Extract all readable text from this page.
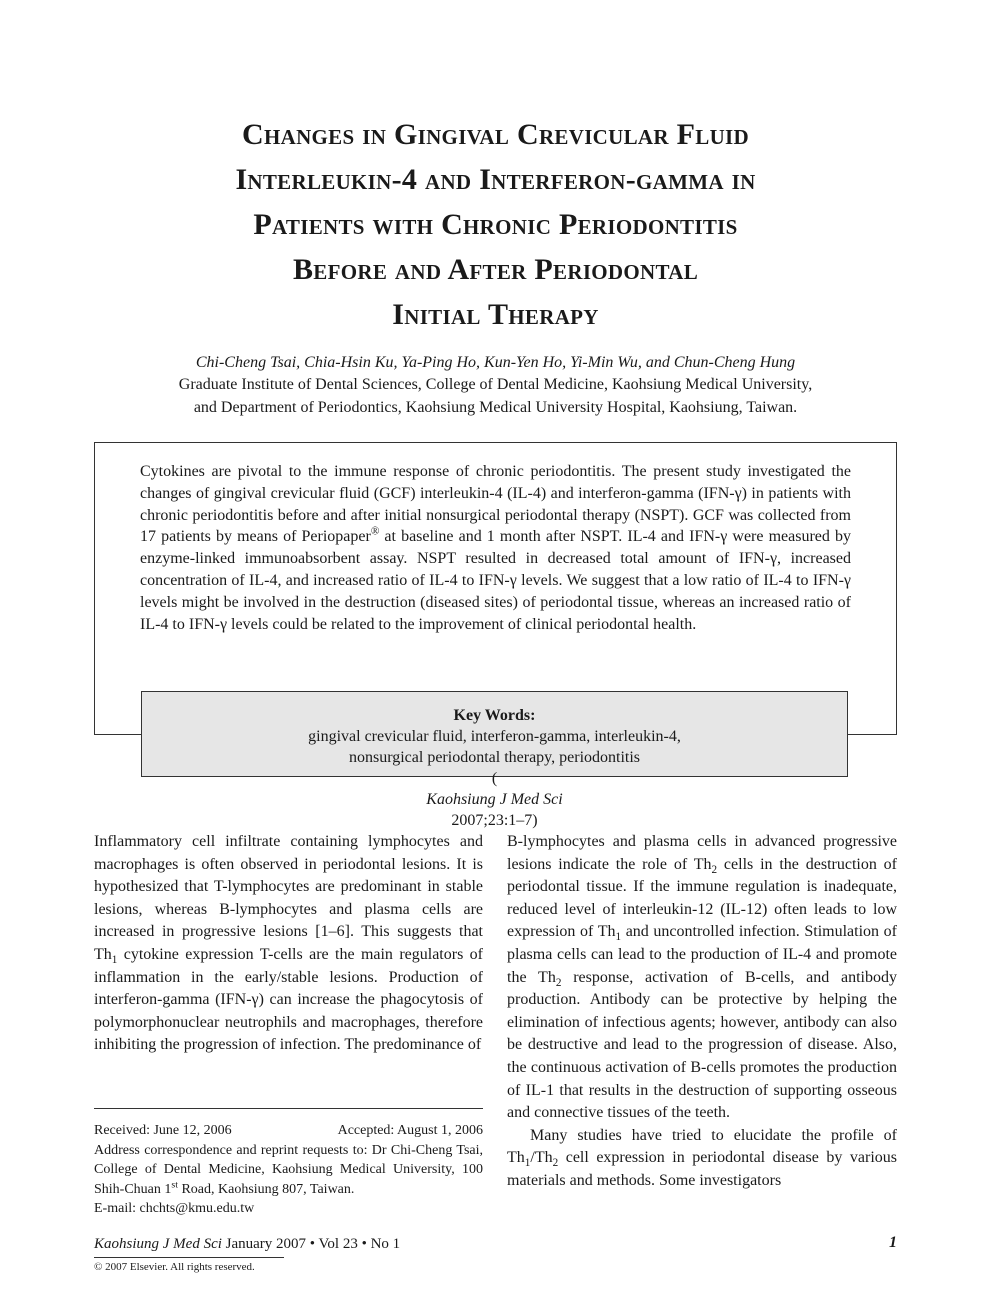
Changes in Gingival Crevicular Fluid
Interleukin-4 and Interferon-gamma in
Patients with Chronic Periodontitis
Before and After Periodontal
Initial Therapy
Chi-Cheng Tsai, Chia-Hsin Ku, Ya-Ping Ho, Kun-Yen Ho, Yi-Min Wu, and Chun-Cheng Hung
Graduate Institute of Dental Sciences, College of Dental Medicine, Kaohsiung Medical University,
and Department of Periodontics, Kaohsiung Medical University Hospital, Kaohsiung, Taiwan.

Cytokines are pivotal to the immune response of chronic periodontitis. The present study investigated the changes of gingival crevicular fluid (GCF) interleukin-4 (IL-4) and interferon-gamma (IFN-γ) in patients with chronic periodontitis before and after initial nonsurgical periodontal therapy (NSPT). GCF was collected from 17 patients by means of Periopaper® at baseline and 1 month after NSPT. IL-4 and IFN-γ were measured by enzyme-linked immunoabsorbent assay. NSPT resulted in decreased total amount of IFN-γ, increased concentration of IL-4, and increased ratio of IL-4 to IFN-γ levels. We suggest that a low ratio of IL-4 to IFN-γ levels might be involved in the destruction (diseased sites) of periodontal tissue, whereas an increased ratio of IL-4 to IFN-γ levels could be related to the improvement of clinical periodontal health.

Key Words:
gingival crevicular fluid, interferon-gamma, interleukin-4,
nonsurgical periodontal therapy, periodontitis
(
Kaohsiung J Med Sci
2007;23:1–7)

Inflammatory cell infiltrate containing lymphocytes and macrophages is often observed in periodontal lesions. It is hypothesized that T-lymphocytes are predominant in stable lesions, whereas B-lymphocytes and plasma cells are increased in progressive lesions [1–6]. This suggests that $Th_1$ cytokine expression T-cells are the main regulators of inflammation in the early/stable lesions. Production of interferon-gamma (IFN-γ) can increase the phagocytosis of polymorphonuclear neutrophils and macrophages, therefore inhibiting the progression of infection. The predominance of

B-lymphocytes and plasma cells in advanced progressive lesions indicate the role of $Th_2$ cells in the destruction of periodontal tissue. If the immune regulation is inadequate, reduced level of interleukin-12 (IL-12) often leads to low expression of $Th_1$ and uncontrolled infection. Stimulation of plasma cells can lead to the production of IL-4 and promote the $Th_2$ response, activation of B-cells, and antibody production. Antibody can be protective by helping the elimination of infectious agents; however, antibody can also be destructive and lead to the progression of disease. Also, the continuous activation of B-cells promotes the production of IL-1 that results in the destruction of supporting osseous and connective tissues of the teeth.

Many studies have tried to elucidate the profile of $Th_1/Th_2$ cell expression in periodontal disease by various materials and methods. Some investigators

Received: June 12, 2006	Accepted: August 1, 2006
Address correspondence and reprint requests to: Dr Chi-Cheng Tsai, College of Dental Medicine, Kaohsiung Medical University, 100 Shih-Chuan 1st Road, Kaohsiung 807, Taiwan.
E-mail: chchts@kmu.edu.tw
Kaohsiung J Med Sci January 2007 • Vol 23 • No 1	1
© 2007 Elsevier. All rights reserved.
